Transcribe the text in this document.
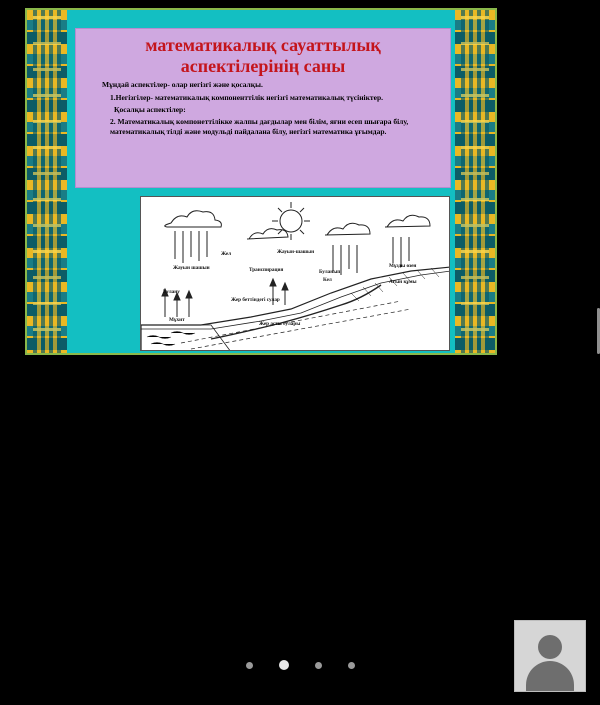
математикалық сауаттылық аспектілерінің саны

Мұндай аспектілер- олар негізгі және қосалқы.

1.Негізгілер- математикалық компоненттілік негізгі математикалық түсініктер.

Қосалқы аспектілер:

2. Математикалық компонеттілікке жалпы дағдылар мен білім, яғни есеп шығара білу, математикалық тілді және модульді пайдалана білу, негізгі математика ұғымдар.

Жел	Жауын-шашын
Жауын шашын	Транспирация	Буланып
Кел
Мұзды өзен
Ағын құмы
Жер беттіндегі сулар
Жер асты сулары
Булану
Мұхит
